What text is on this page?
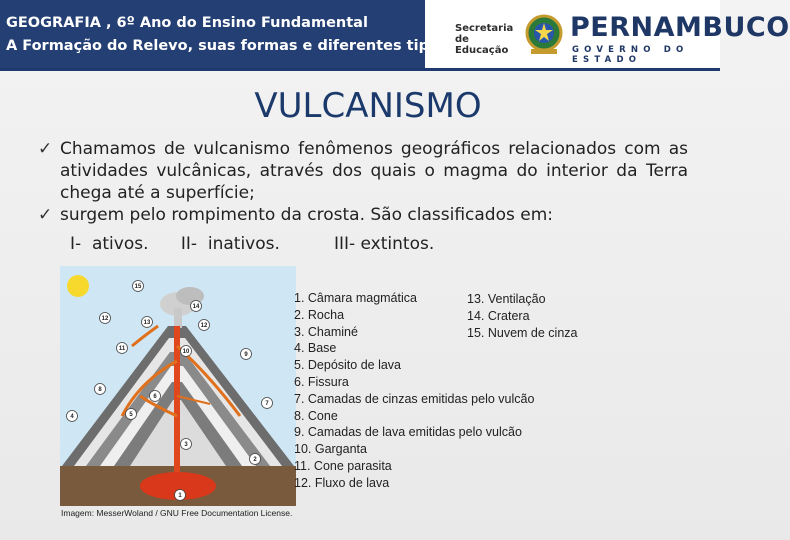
GEOGRAFIA , 6º Ano do Ensino Fundamental
A Formação do Relevo, suas formas e diferentes tipos
Secretaria de
Educação
PERNAMBUCO
GOVERNO DO ESTADO
VULCANISMO
✓ Chamamos de vulcanismo fenômenos geográficos relacionados com as atividades vulcânicas, através dos quais o magma do interior da Terra chega até a superfície;
✓ surgem pelo rompimento da crosta. São classificados em:
I-  ativos.      II-  inativos.          III- extintos.
15
14
12
13	12
11	10	9
8
6
7
4	5
3
2
1
Imagem: MesserWoland / GNU Free Documentation License.
1. Câmara magmática
2. Rocha
3. Chaminé
4. Base
5. Depósito de lava
6. Fissura
7. Camadas de cinzas emitidas pelo vulcão
8. Cone
9. Camadas de lava emitidas pelo vulcão
10. Garganta
11. Cone parasita
12. Fluxo de lava
13. Ventilação
14. Cratera
15. Nuvem de cinza
